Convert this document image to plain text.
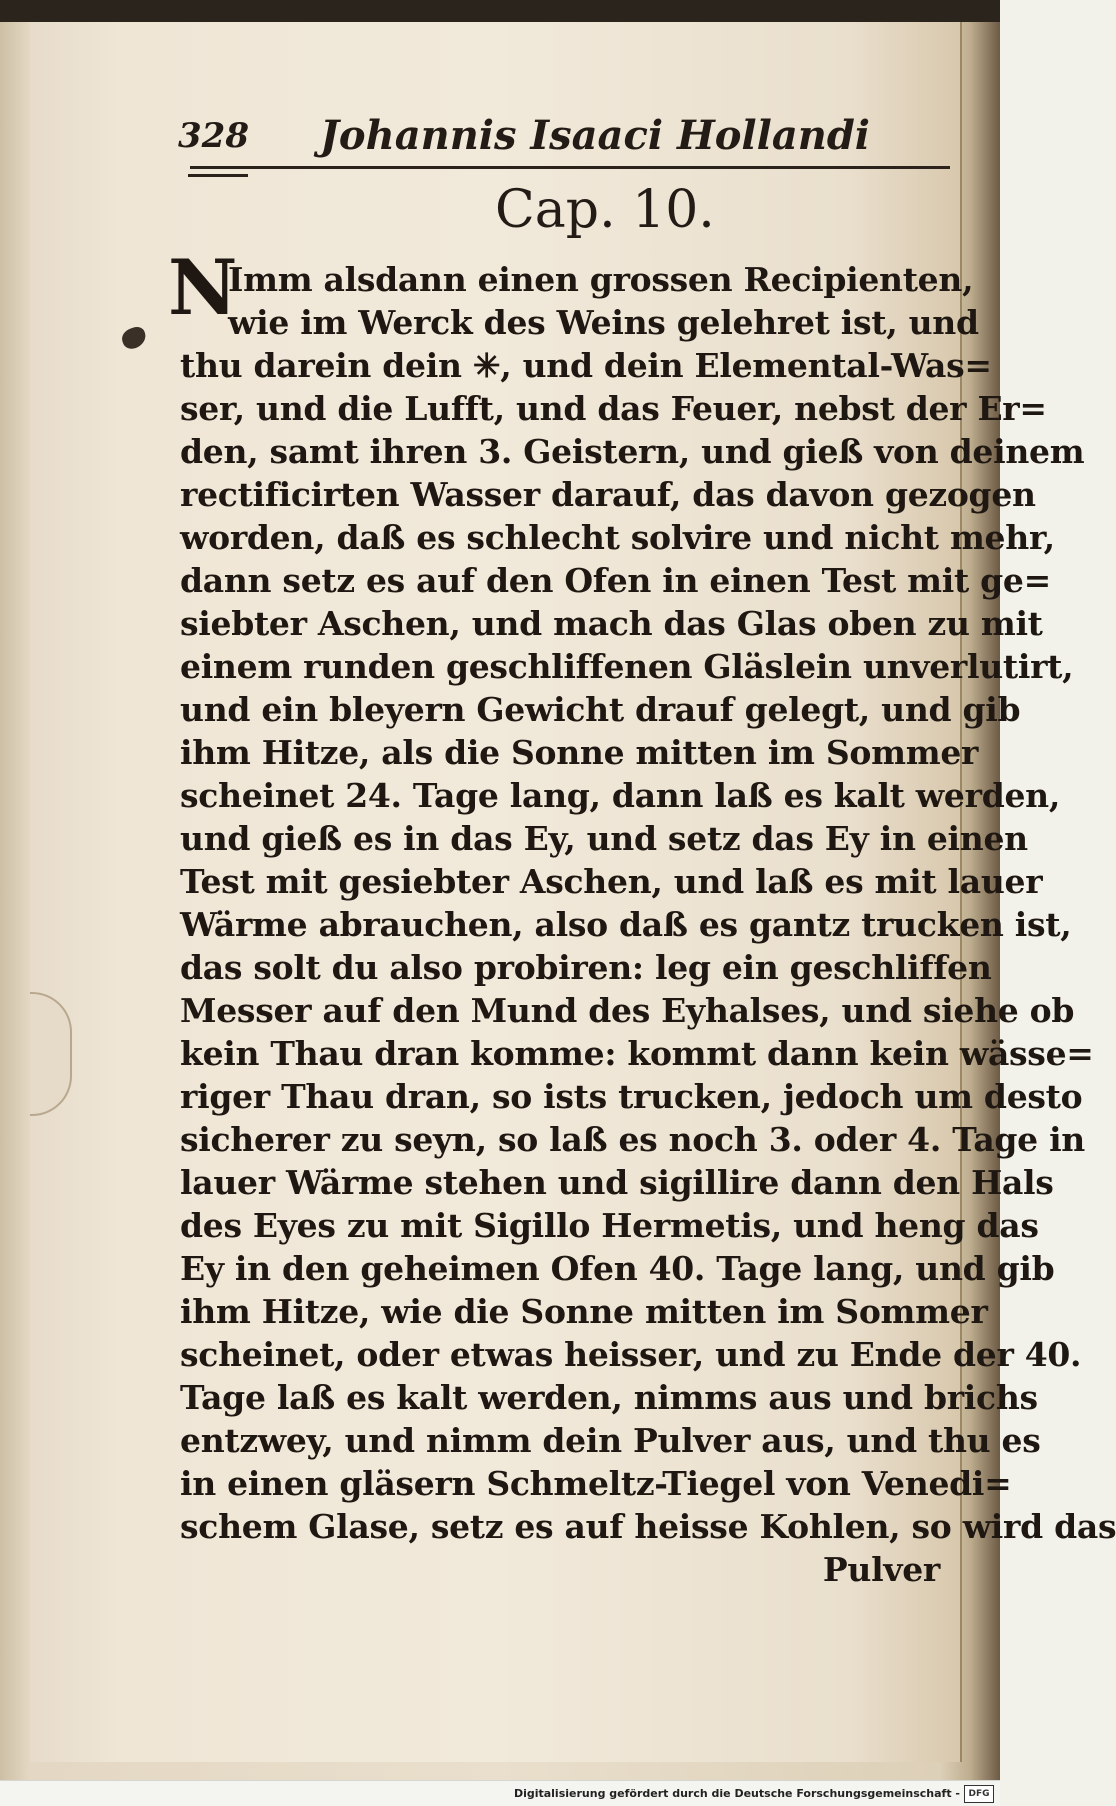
328 Johannis Isaaci Hollandi
Cap. 10.
N
Imm alsdann einen grossen Recipienten,
wie im Werck des Weins gelehret ist, und
thu darein dein ✳, und dein Elemental-Was=
ser, und die Lufft, und das Feuer, nebst der Er=
den, samt ihren 3. Geistern, und gieß von deinem
rectificirten Wasser darauf, das davon gezogen
worden, daß es schlecht solvire und nicht mehr,
dann setz es auf den Ofen in einen Test mit ge=
siebter Aschen, und mach das Glas oben zu mit
einem runden geschliffenen Gläslein unverlutirt,
und ein bleyern Gewicht drauf gelegt, und gib
ihm Hitze, als die Sonne mitten im Sommer
scheinet 24. Tage lang, dann laß es kalt werden,
und gieß es in das Ey, und setz das Ey in einen
Test mit gesiebter Aschen, und laß es mit lauer
Wärme abrauchen, also daß es gantz trucken ist,
das solt du also probiren: leg ein geschliffen
Messer auf den Mund des Eyhalses, und siehe ob
kein Thau dran komme: kommt dann kein wässe=
riger Thau dran, so ists trucken, jedoch um desto
sicherer zu seyn, so laß es noch 3. oder 4. Tage in
lauer Wärme stehen und sigillire dann den Hals
des Eyes zu mit Sigillo Hermetis, und heng das
Ey in den geheimen Ofen 40. Tage lang, und gib
ihm Hitze, wie die Sonne mitten im Sommer
scheinet, oder etwas heisser, und zu Ende der 40.
Tage laß es kalt werden, nimms aus und brichs
entzwey, und nimm dein Pulver aus, und thu es
in einen gläsern Schmeltz-Tiegel von Venedi=
schem Glase, setz es auf heisse Kohlen, so wird das
Pulver
Digitalisierung gefördert durch die Deutsche Forschungsgemeinschaft - DFG
